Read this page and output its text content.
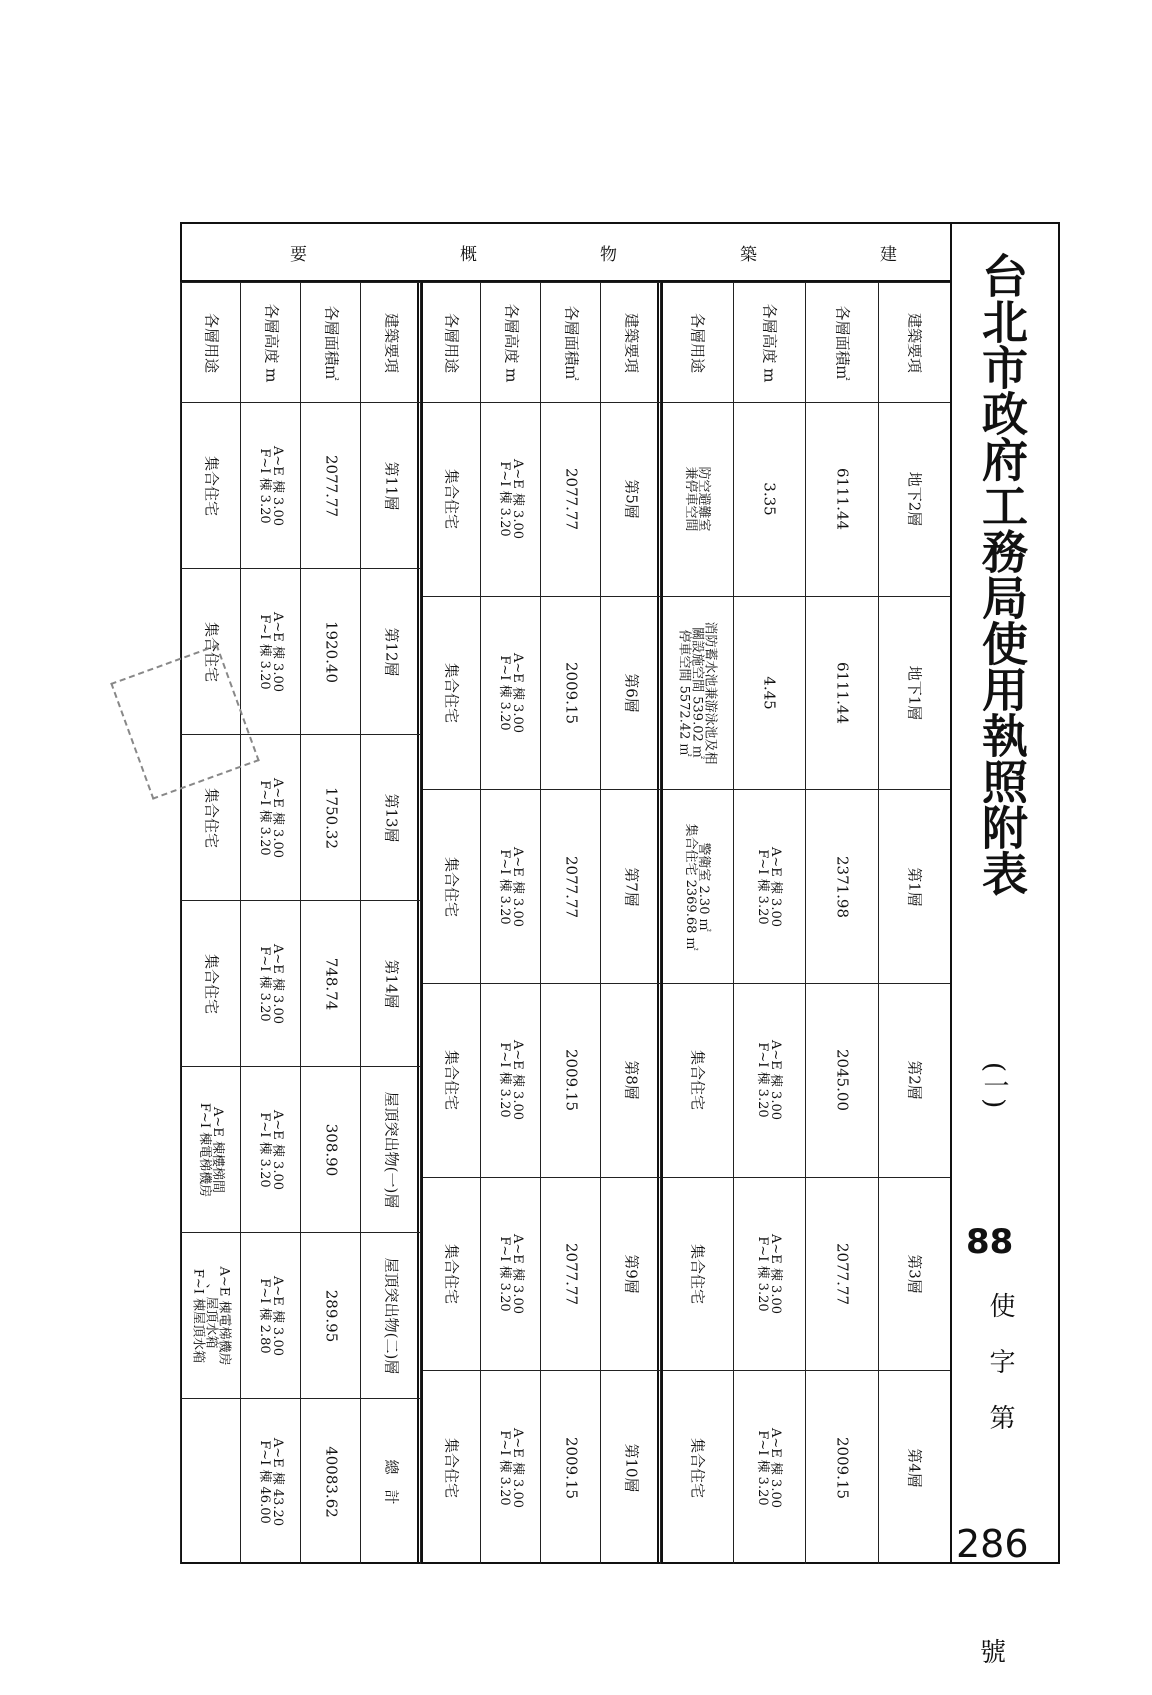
台北市政府工務局使用執照附表
(一)
88
使 字 第
286
號
建
築
物
概
要
建築要項
各層面積㎡
各層高度 m
各層用途
地下2層
6111.44
3.35
防空避難室
兼停車空間
地下1層
6111.44
4.45
消防蓄水池兼游泳池及相
關設施空間 539.02 ㎡
停車空間 5572.42 ㎡
第1層
2371.98
A~E 棟 3.00
F~I 棟 3.20
警衛室 2.30 ㎡
集合住宅 2369.68 ㎡
第2層
2045.00
A~E 棟 3.00
F~I 棟 3.20
集合住宅
第3層
2077.77
A~E 棟 3.00
F~I 棟 3.20
集合住宅
第4層
2009.15
A~E 棟 3.00
F~I 棟 3.20
集合住宅
建築要項
各層面積㎡
各層高度 m
各層用途
第5層
2077.77
A~E 棟 3.00
F~I 棟 3.20
集合住宅
第6層
2009.15
A~E 棟 3.00
F~I 棟 3.20
集合住宅
第7層
2077.77
A~E 棟 3.00
F~I 棟 3.20
集合住宅
第8層
2009.15
A~E 棟 3.00
F~I 棟 3.20
集合住宅
第9層
2077.77
A~E 棟 3.00
F~I 棟 3.20
集合住宅
第10層
2009.15
A~E 棟 3.00
F~I 棟 3.20
集合住宅
建築要項
各層面積㎡
各層高度 m
各層用途
第11層
2077.77
A~E 棟 3.00
F~I 棟 3.20
集合住宅
第12層
1920.40
A~E 棟 3.00
F~I 棟 3.20
集合住宅
第13層
1750.32
A~E 棟 3.00
F~I 棟 3.20
集合住宅
第14層
748.74
A~E 棟 3.00
F~I 棟 3.20
集合住宅
屋頂突出物(一)層
308.90
A~E 棟 3.00
F~I 棟 3.20
A~E 棟樓梯間
F~I 棟電梯機房
屋頂突出物(二)層
289.95
A~E 棟 3.00
F~I 棟 2.80
A~E 棟電梯機房
、屋頂水箱
F~I 棟屋頂水箱
總　計
40083.62
A~E 棟 43.20
F~I 棟 46.00
